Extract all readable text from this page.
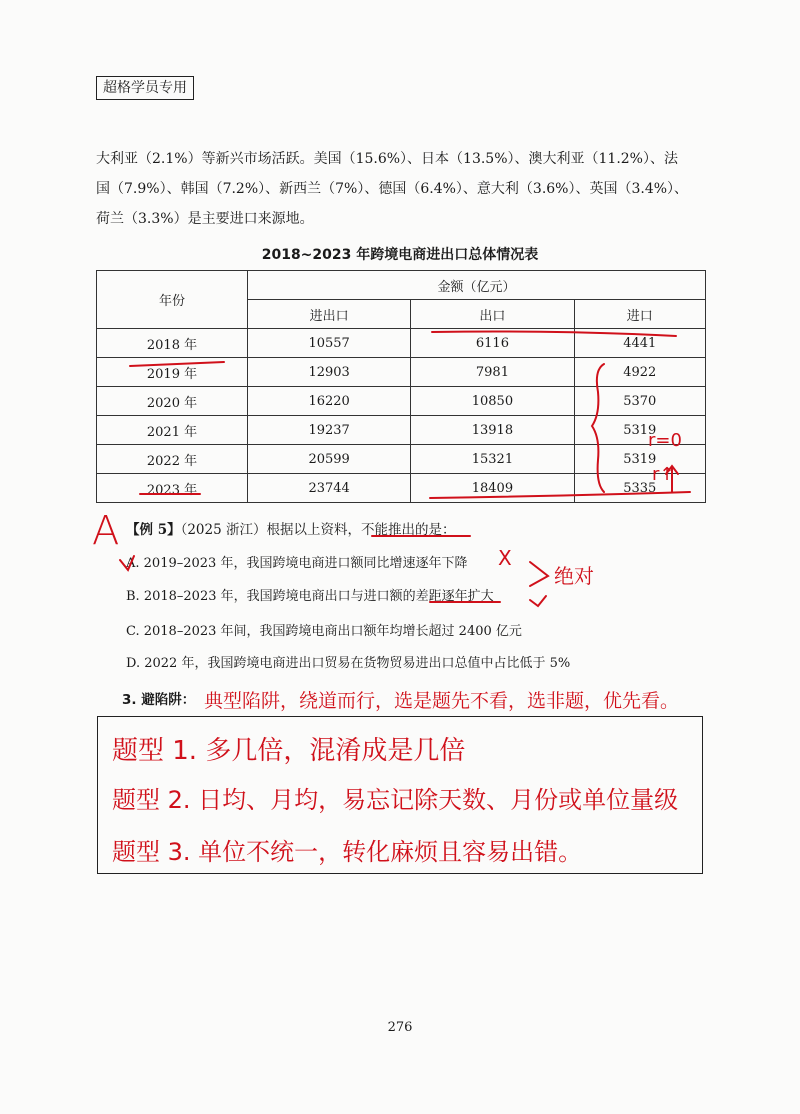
超格学员专用
大利亚（2.1%）等新兴市场活跃。美国（15.6%）、日本（13.5%）、澳大利亚（11.2%）、法
国（7.9%）、韩国（7.2%）、新西兰（7%）、德国（6.4%）、意大利（3.6%）、英国（3.4%）、
荷兰（3.3%）是主要进口来源地。
2018~2023 年跨境电商进出口总体情况表
年份	金额（亿元）		
	进出口	出口	进口
2018 年	10557	6116	4441
2019 年	12903	7981	4922
2020 年	16220	10850	5370
2021 年	19237	13918	5319
2022 年	20599	15321	5319
2023 年	23744	18409	5335
【例 5】（2025 浙江）根据以上资料，不能推出的是：
A. 2019–2023 年，我国跨境电商进口额同比增速逐年下降
B. 2018–2023 年，我国跨境电商出口与进口额的差距逐年扩大
C. 2018–2023 年间，我国跨境电商出口额年均增长超过 2400 亿元
D. 2022 年，我国跨境电商进出口贸易在货物贸易进出口总值中占比低于 5%
3. 避陷阱：
A
X
绝对
r=0
r↑
典型陷阱，绕道而行，选是题先不看，选非题，优先看。
题型 1. 多几倍，混淆成是几倍
题型 2. 日均、月均，易忘记除天数、月份或单位量级
题型 3. 单位不统一，转化麻烦且容易出错。
276
